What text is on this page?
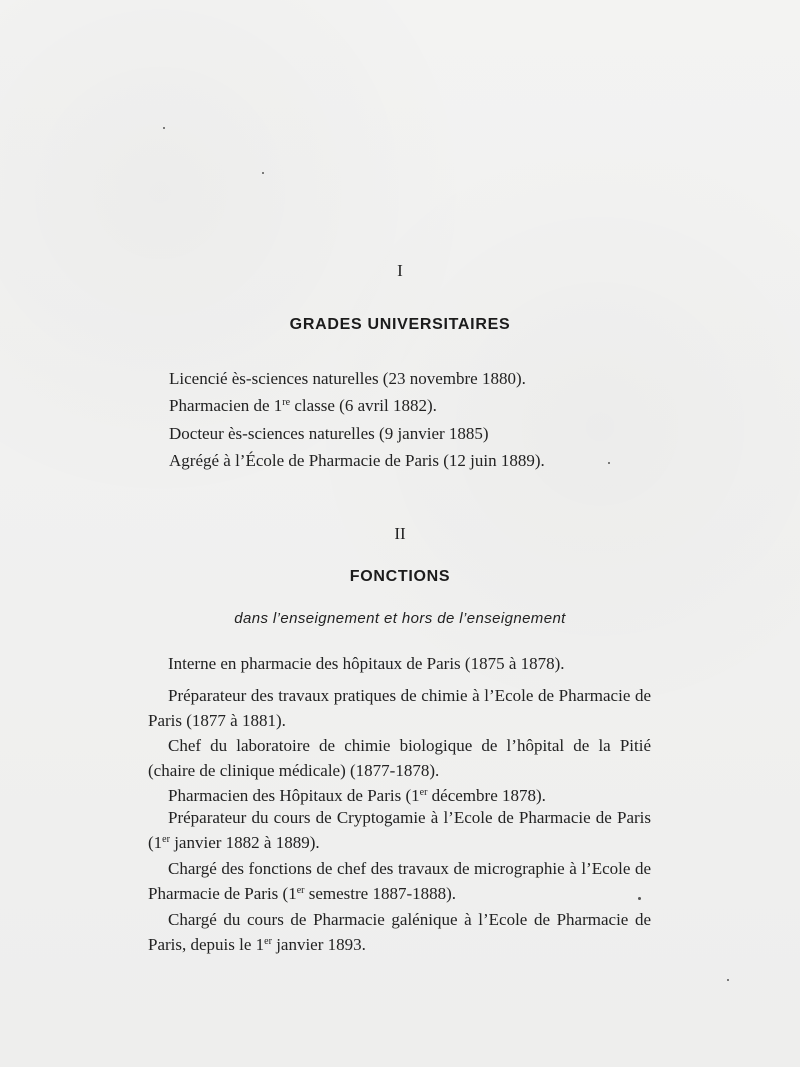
I
GRADES UNIVERSITAIRES
Licencié ès-sciences naturelles (23 novembre 1880).
Pharmacien de 1re classe (6 avril 1882).
Docteur ès-sciences naturelles (9 janvier 1885)
Agrégé à l’École de Pharmacie de Paris (12 juin 1889).
II
FONCTIONS
dans l’enseignement et hors de l’enseignement
Interne en pharmacie des hôpitaux de Paris (1875 à 1878).
Préparateur des travaux pratiques de chimie à l’Ecole de Pharmacie de Paris (1877 à 1881).
Chef du laboratoire de chimie biologique de l’hôpital de la Pitié (chaire de clinique médicale) (1877-1878).
Pharmacien des Hôpitaux de Paris (1er décembre 1878).
Préparateur du cours de Cryptogamie à l’Ecole de Pharmacie de Paris (1er janvier 1882 à 1889).
Chargé des fonctions de chef des travaux de micrographie à l’Ecole de Pharmacie de Paris (1er semestre 1887-1888).
Chargé du cours de Pharmacie galénique à l’Ecole de Pharmacie de Paris, depuis le 1er janvier 1893.
